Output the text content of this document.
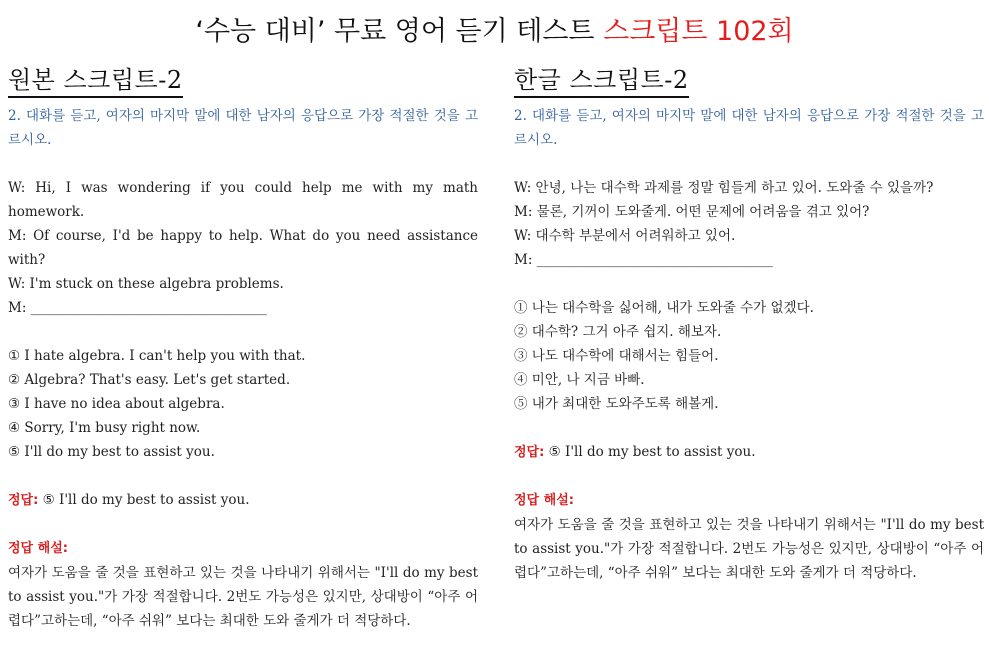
‘수능 대비’ 무료 영어 듣기 테스트 스크립트 102회
원본 스크립트-2

2. 대화를 듣고, 여자의 마지막 말에 대한 남자의 응답으로 가장 적절한 것을 고르시오.

W: Hi, I was wondering if you could help me with my math homework.
M: Of course, I'd be happy to help. What do you need assistance with?
W: I'm stuck on these algebra problems.
M: ___________________________________
① I hate algebra. I can't help you with that.
② Algebra? That's easy. Let's get started.
③ I have no idea about algebra.
④ Sorry, I'm busy right now.
⑤ I'll do my best to assist you.
정답: ⑤ I'll do my best to assist you.
정답 해설:

여자가 도움을 줄 것을 표현하고 있는 것을 나타내기 위해서는 "I'll do my best to assist you."가 가장 적절합니다. 2번도 가능성은 있지만, 상대방이 “아주 어렵다”고하는데, “아주 쉬워” 보다는 최대한 도와 줄게가 더 적당하다.

한글 스크립트-2

2. 대화를 듣고, 여자의 마지막 말에 대한 남자의 응답으로 가장 적절한 것을 고르시오.

W: 안녕, 나는 대수학 과제를 정말 힘들게 하고 있어. 도와줄 수 있을까?
M: 물론, 기꺼이 도와줄게. 어떤 문제에 어려움을 겪고 있어?
W: 대수학 부분에서 어려워하고 있어.
M: ___________________________________
① 나는 대수학을 싫어해, 내가 도와줄 수가 없겠다.
② 대수학? 그거 아주 쉽지. 해보자.
③ 나도 대수학에 대해서는 힘들어.
④ 미안, 나 지금 바빠.
⑤ 내가 최대한 도와주도록 해볼게.
정답: ⑤ I'll do my best to assist you.
정답 해설:

여자가 도움을 줄 것을 표현하고 있는 것을 나타내기 위해서는 "I'll do my best to assist you."가 가장 적절합니다. 2번도 가능성은 있지만, 상대방이 “아주 어렵다”고하는데, “아주 쉬워” 보다는 최대한 도와 줄게가 더 적당하다.
